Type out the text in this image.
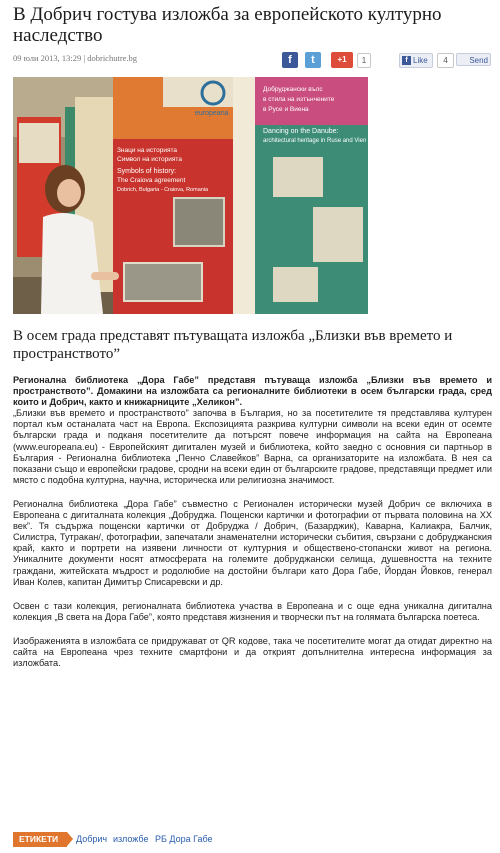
В Добрич гостува изложба за европейското културно наследство
09 юли 2013, 13:29 | dobrichutre.bg	f	t	+1	1	f Like	4	Send
Знаци на историята
Символ на историята
Symbols of history:
The Craiova agreement
Dobrich, Bulgaria - Craiova, Romania
Добруджански вълс
в стила на изтънчените
в Русе и Виена
Dancing on the Danube:
architectural heritage in Ruse and Vien
europeana
В осем града представят пътуващата изложба „Близки във времето и пространството”

Регионална библиотека „Дора Габе” представя пътуваща изложба „Близки във времето и пространството”. Домакини на изложбата са регионалните библиотеки в осем български града, сред които и Добрич, както и книжарниците „Хеликон”.

„Близки във времето и пространството” започва в България, но за посетителите тя представлява културен портал към останалата част на Европа. Експозицията разкрива културни символи на всеки един от осемте български града и подканя посетителите да потърсят повече информация на сайта на Европеана (www.europeana.eu) - Европейският дигитален музей и библиотека, който заедно с основния си партньор в България - Регионална библиотека „Пенчо Славейков” Варна, са организаторите на изложбата. В нея са показани също и европейски градове, сродни на всеки един от българските градове, представящи предмет или място с подобна културна, научна, историческа или религиозна значимост.

Регионална библиотека „Дора Габе” съвместно с Регионален исторически музей Добрич се включиха в Европеана с дигиталната колекция „Добруджа. Пощенски картички и фотографии от първата половина на XX век”. Тя съдържа пощенски картички от Добруджа / Добрич, (Базарджик), Каварна, Калиакра, Балчик, Силистра, Тутракан/, фотографии, запечатали знаменателни исторически събития, свързани с добруджанския край, както и портрети на изявени личности от културния и обществено-стопански живот на региона. Уникалните документи носят атмосферата на големите добруджански селища, душевността на техните граждани, житейската мъдрост и родолюбие на достойни българи като Дора Габе, Йордан Йовков, генерал Иван Колев, капитан Димитър Списаревски и др.

Освен с тази колекция, регионалната библиотека участва в Европеана и с още една уникална дигитална колекция „В света на Дора Габе”, която представя жизнения и творчески път на голямата българска поетеса.

Изображенията в изложбата се придружават от QR кодове, така че посетителите могат да отидат директно на сайта на Европеана чрез техните смартфони и да открият допълнителна интересна информация за изложбата.

ЕТИКЕТИ	Добрич изложбе РБ Дора Габе
